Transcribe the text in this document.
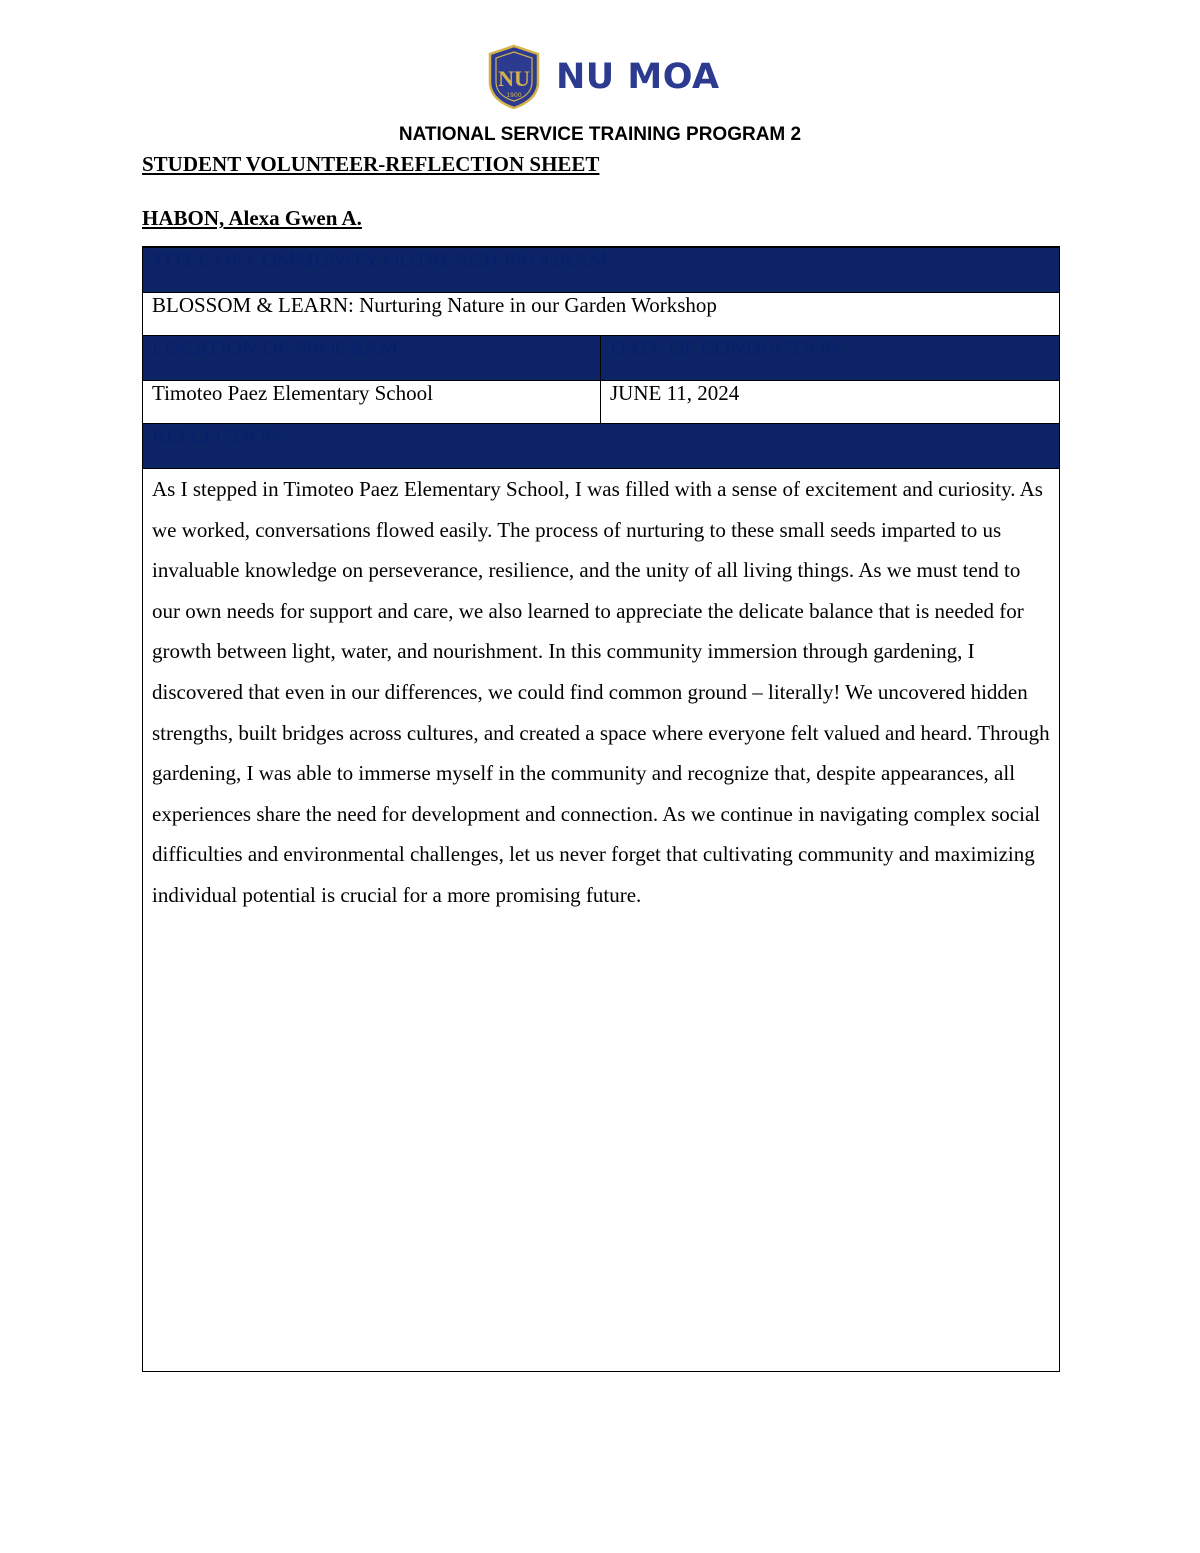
NU
1900 NU MOA
NATIONAL SERVICE TRAINING PROGRAM 2
STUDENT VOLUNTEER-REFLECTION SHEET
HABON, Alexa Gwen A.
TITLE OF COMMUNITY OUTREACH PROGRAM	
BLOSSOM & LEARN: Nurturing Nature in our Garden Workshop	
LOCATION OF PROGRAM	DATE OF CONDUCTION
Timoteo Paez Elementary School	JUNE 11, 2024
REFLECTION:	
As I stepped in Timoteo Paez Elementary School, I was filled with a sense of excitement and curiosity. As we worked, conversations flowed easily. The process of nurturing to these small seeds imparted to us invaluable knowledge on perseverance, resilience, and the unity of all living things. As we must tend to our own needs for support and care, we also learned to appreciate the delicate balance that is needed for growth between light, water, and nourishment. In this community immersion through gardening, I discovered that even in our differences, we could find common ground – literally! We uncovered hidden strengths, built bridges across cultures, and created a space where everyone felt valued and heard. Through gardening, I was able to immerse myself in the community and recognize that, despite appearances, all experiences share the need for development and connection. As we continue in navigating complex social difficulties and environmental challenges, let us never forget that cultivating community and maximizing individual potential is crucial for a more promising future.	
